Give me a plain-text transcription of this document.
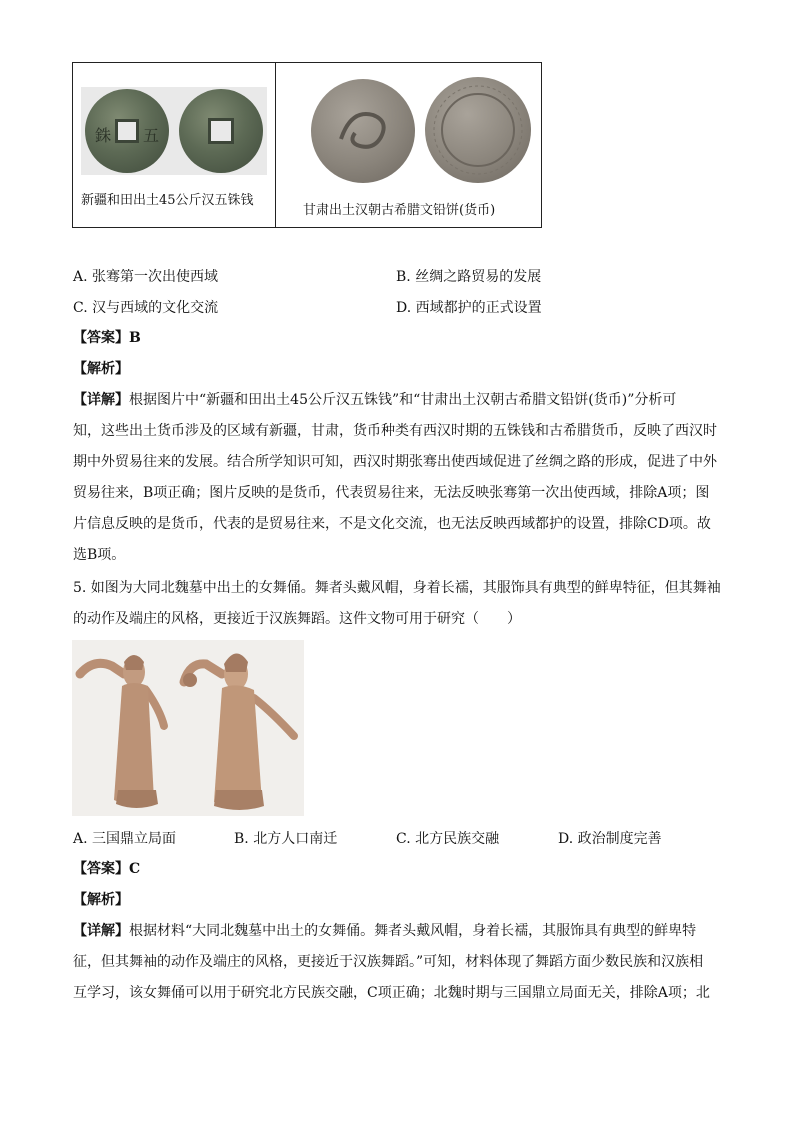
銖 五
新疆和田出土45公斤汉五铢钱
甘肃出土汉朝古希腊文铅饼(货币)
A. 张骞第一次出使西域	B. 丝绸之路贸易的发展
C. 汉与西域的文化交流	D. 西域都护的正式设置
【答案】B
【解析】
【详解】根据图片中“新疆和田出土45公斤汉五铢钱”和“甘肃出土汉朝古希腊文铅饼(货币)”分析可
知，这些出土货币涉及的区域有新疆，甘肃，货币种类有西汉时期的五铢钱和古希腊货币，反映了西汉时
期中外贸易往来的发展。结合所学知识可知，西汉时期张骞出使西域促进了丝绸之路的形成，促进了中外
贸易往来，B项正确；图片反映的是货币，代表贸易往来，无法反映张骞第一次出使西域，排除A项；图
片信息反映的是货币，代表的是贸易往来，不是文化交流，也无法反映西域都护的设置，排除CD项。故
选B项。
5. 如图为大同北魏墓中出土的女舞俑。舞者头戴风帽，身着长襦，其服饰具有典型的鲜卑特征，但其舞袖
的动作及端庄的风格，更接近于汉族舞蹈。这件文物可用于研究（　　）
A. 三国鼎立局面	B. 北方人口南迁	C. 北方民族交融	D. 政治制度完善
【答案】C
【解析】
【详解】根据材料“大同北魏墓中出土的女舞俑。舞者头戴风帽，身着长襦，其服饰具有典型的鲜卑特
征，但其舞袖的动作及端庄的风格，更接近于汉族舞蹈。”可知，材料体现了舞蹈方面少数民族和汉族相
互学习，该女舞俑可以用于研究北方民族交融，C项正确；北魏时期与三国鼎立局面无关，排除A项；北
